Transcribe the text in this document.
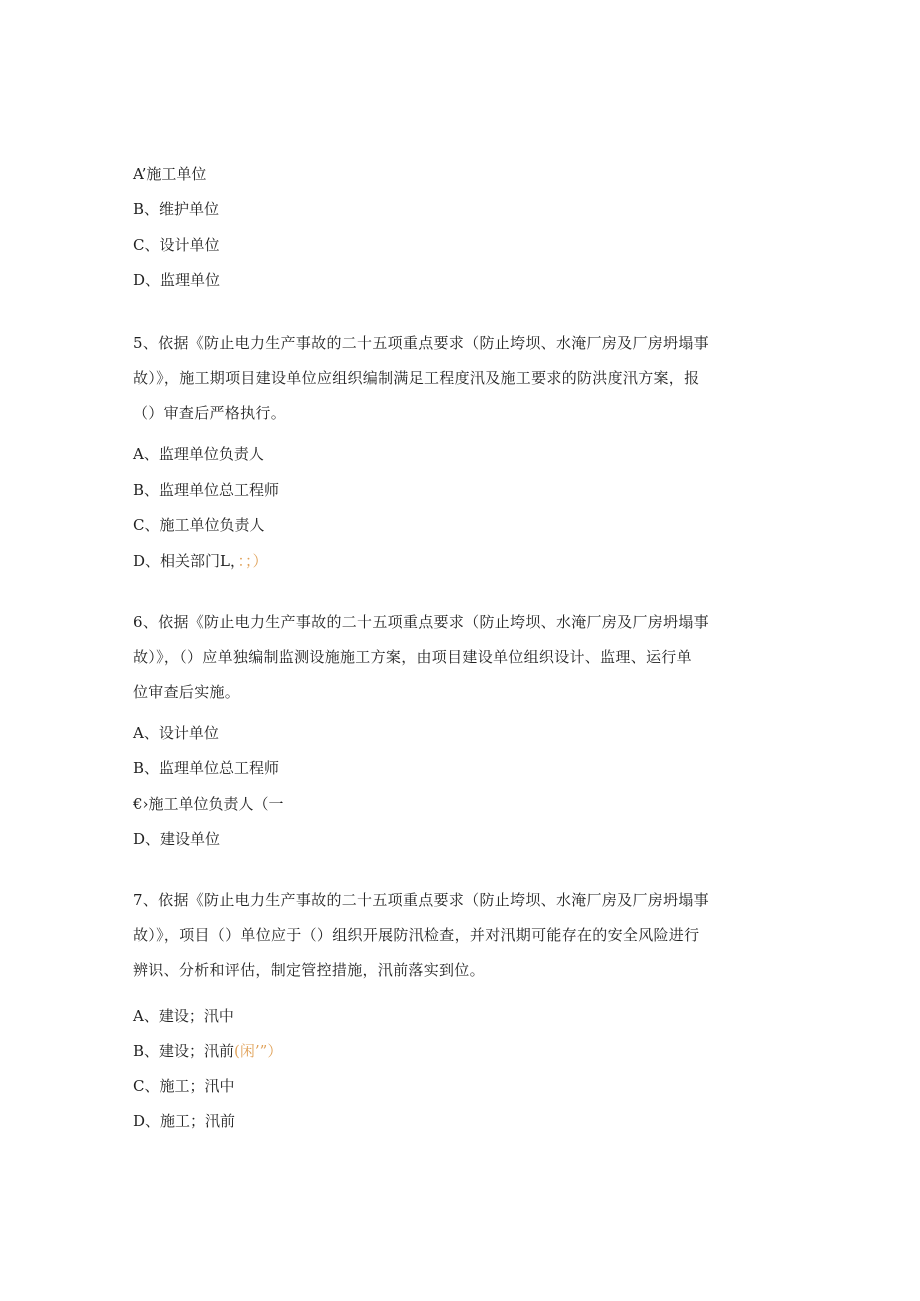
A’施工单位
B、维护单位
C、设计单位
D、监理单位
5、依据《防止电力生产事故的二十五项重点要求（防止垮坝、水淹厂房及厂房坍塌事
故）》，施工期项目建设单位应组织编制满足工程度汛及施工要求的防洪度汛方案，报
（）审查后严格执行。
A、监理单位负责人
B、监理单位总工程师
C、施工单位负责人
D、相关部门L，：；）
6、依据《防止电力生产事故的二十五项重点要求（防止垮坝、水淹厂房及厂房坍塌事
故）》，（）应单独编制监测设施施工方案，由项目建设单位组织设计、监理、运行单
位审查后实施。
A、设计单位
B、监理单位总工程师
€›施工单位负责人（一
D、建设单位
7、依据《防止电力生产事故的二十五项重点要求（防止垮坝、水淹厂房及厂房坍塌事
故）》，项目（）单位应于（）组织开展防汛检查，并对汛期可能存在的安全风险进行
辨识、分析和评估，制定管控措施，汛前落实到位。
A、建设；汛中
B、建设；汛前(闲’”）
C、施工；汛中
D、施工；汛前
